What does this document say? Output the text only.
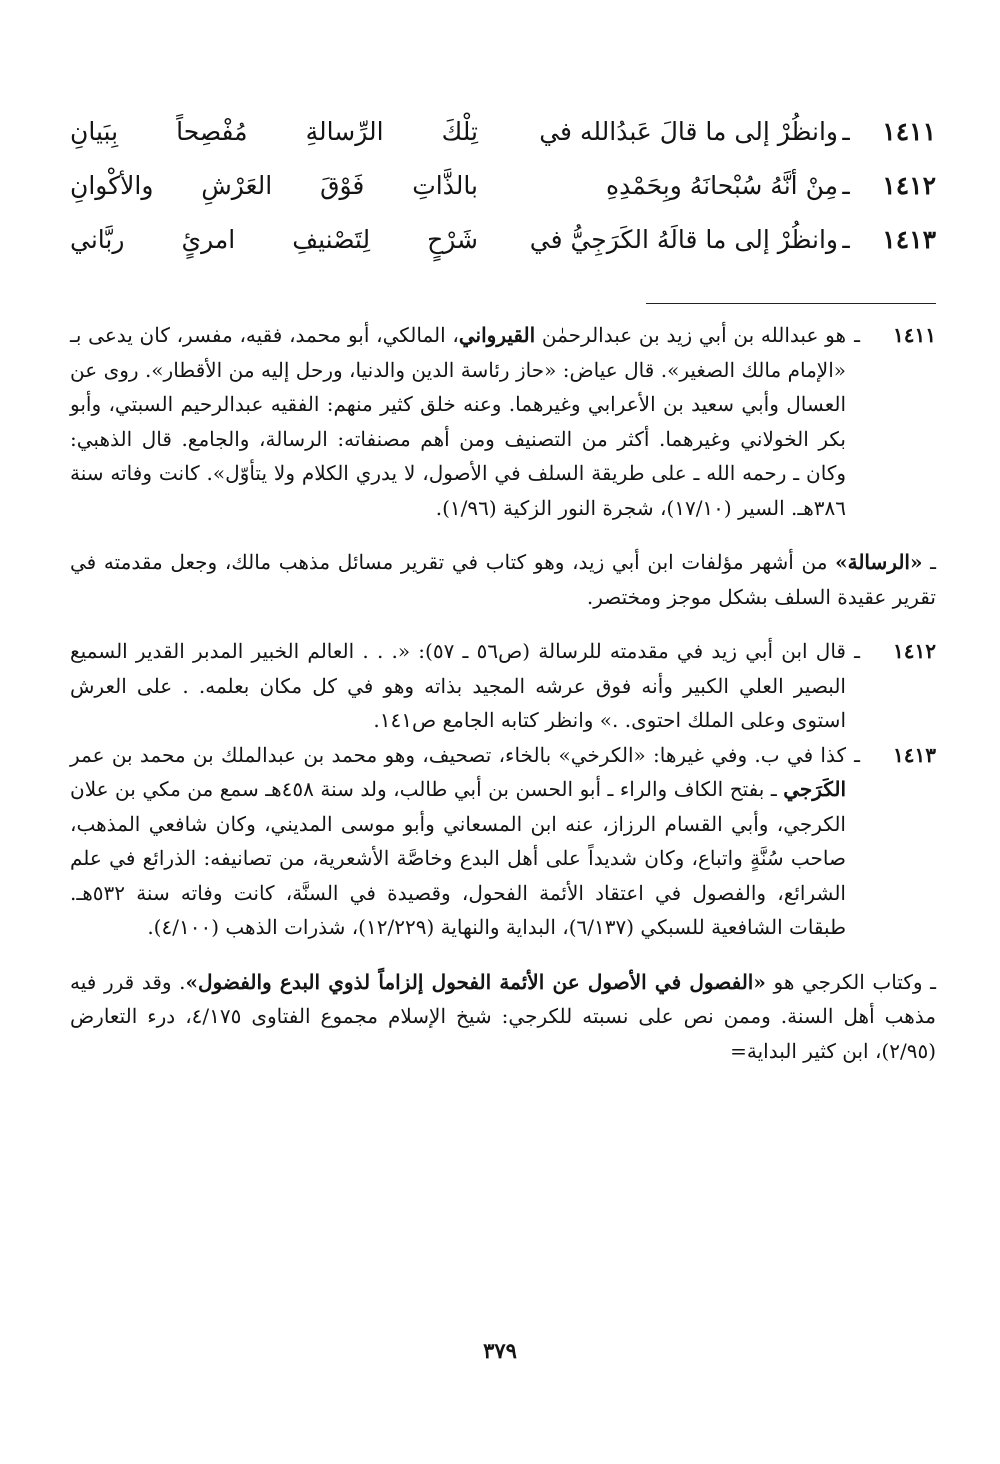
١٤١١
ـ
وانظُرْ إلى ما قالَ عَبدُالله في
تِلْكَ الرِّسالةِ مُفْصِحاً بِبَيانِ
١٤١٢
ـ
مِنْ أنَّهُ سُبْحانَهُ وبِحَمْدِهِ
بالذَّاتِ فَوْقَ العَرْشِ والأكْوانِ
١٤١٣
ـ
وانظُرْ إلى ما قالَهُ الكَرَجِيُّ في
شَرْحٍ لِتَصْنيفِ امرئٍ ربَّاني
١٤١١
ـ

هو عبدالله بن أبي زيد بن عبدالرحمٰن القيرواني، المالكي، أبو محمد، فقيه، مفسر، كان يدعى بـ «الإمام مالك الصغير». قال عياض: «حاز رئاسة الدين والدنيا، ورحل إليه من الأقطار». روى عن العسال وأبي سعيد بن الأعرابي وغيرهما. وعنه خلق كثير منهم: الفقيه عبدالرحيم السبتي، وأبو بكر الخولاني وغيرهما. أكثر من التصنيف ومن أهم مصنفاته: الرسالة، والجامع. قال الذهبي: وكان ـ رحمه الله ـ على طريقة السلف في الأصول، لا يدري الكلام ولا يتأوّل». كانت وفاته سنة ٣٨٦هـ. السير (١٧/١٠)، شجرة النور الزكية (١/٩٦).

ـ «الرسالة» من أشهر مؤلفات ابن أبي زيد، وهو كتاب في تقرير مسائل مذهب مالك، وجعل مقدمته في تقرير عقيدة السلف بشكل موجز ومختصر.

١٤١٢
ـ

قال ابن أبي زيد في مقدمته للرسالة (ص٥٦ ـ ٥٧): «. . . العالم الخبير المدبر القدير السميع البصير العلي الكبير وأنه فوق عرشه المجيد بذاته وهو في كل مكان بعلمه. . على العرش استوى وعلى الملك احتوى. .» وانظر كتابه الجامع ص١٤١.

١٤١٣
ـ

كذا في ب. وفي غيرها: «الكرخي» بالخاء، تصحيف، وهو محمد بن عبدالملك بن محمد بن عمر الكَرَجي ـ بفتح الكاف والراء ـ أبو الحسن بن أبي طالب، ولد سنة ٤٥٨هـ سمع من مكي بن علان الكرجي، وأبي القسام الرزاز، عنه ابن المسعاني وأبو موسى المديني، وكان شافعي المذهب، صاحب سُنَّةٍ واتباع، وكان شديداً على أهل البدع وخاصَّة الأشعرية، من تصانيفه: الذرائع في علم الشرائع، والفصول في اعتقاد الأئمة الفحول، وقصيدة في السنَّة، كانت وفاته سنة ٥٣٢هـ. طبقات الشافعية للسبكي (٦/١٣٧)، البداية والنهاية (١٢/٢٢٩)، شذرات الذهب (٤/١٠٠).

ـ وكتاب الكرجي هو «الفصول في الأصول عن الأئمة الفحول إلزاماً لذوي البدع والفضول». وقد قرر فيه مذهب أهل السنة. وممن نص على نسبته للكرجي: شيخ الإسلام مجموع الفتاوى ٤/١٧٥، درء التعارض (٢/٩٥)، ابن كثير البداية=

٣٧٩
